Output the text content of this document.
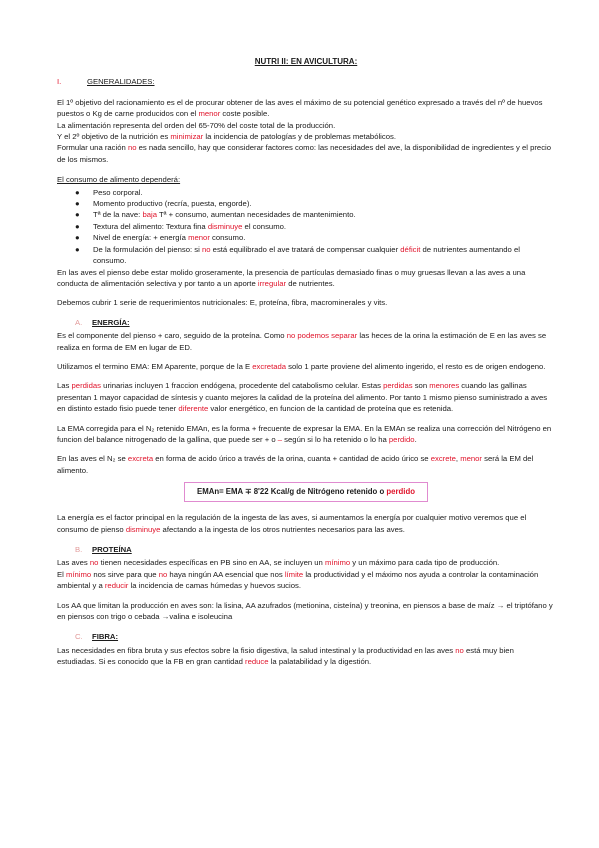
NUTRI II: EN AVICULTURA:
I.	GENERALIDADES:

El 1º objetivo del racionamiento es el de procurar obtener de las aves el máximo de su potencial genético expresado a través del nº de huevos puestos o Kg de carne producidos con el menor coste posible.

La alimentación representa del orden del 65-70% del coste total de la producción.

Y el 2º objetivo de la nutrición es minimizar la incidencia de patologías y de problemas metabólicos.

Formular una ración no es nada sencillo, hay que considerar factores como: las necesidades del ave, la disponibilidad de ingredientes y el precio de los mismos.

El consumo de alimento dependerá:
●	Peso corporal.
●	Momento productivo (recría, puesta, engorde).
●	Tª de la nave: baja Tª + consumo, aumentan necesidades de mantenimiento.
●	Textura del alimento: Textura fina disminuye el consumo.
●	Nivel de energía: + energía menor consumo.
●	De la formulación del pienso: si no está equilibrado el ave tratará de compensar cualquier déficit de nutrientes aumentando el consumo.

En las aves el pienso debe estar molido groseramente, la presencia de partículas demasiado finas o muy gruesas llevan a las aves a una conducta de alimentación selectiva y por tanto a un aporte irregular de nutrientes.

Debemos cubrir 1 serie de requerimientos nutricionales: E, proteína, fibra, macrominerales y vits.

A.	ENERGÍA:

Es el componente del pienso + caro, seguido de la proteína. Como no podemos separar las heces de la orina la estimación de E en las aves se realiza en forma de EM en lugar de ED.

Utilizamos el termino EMA: EM Aparente, porque de la E excretada solo 1 parte proviene del alimento ingerido, el resto es de origen endogeno.

Las perdidas urinarias incluyen 1 fraccion endógena, procedente del catabolismo celular. Estas perdidas son menores cuando las gallinas presentan 1 mayor capacidad de síntesis y cuanto mejores la calidad de la proteína del alimento. Por tanto 1 mismo pienso suministrado a aves en distinto estado fisio puede tener diferente valor energético, en funcion de la cantidad de proteína que es retenida.

La EMA corregida para el N₂ retenido EMAn, es la forma + frecuente de expresar la EMA. En la EMAn se realiza una corrección del Nitrógeno en funcion del balance nitrogenado de la gallina, que puede ser + o – según si lo ha retenido o lo ha perdido.

En las aves el N₂ se excreta en forma de acido úrico a través de la orina, cuanta + cantidad de acido úrico se excrete, menor será la EM del alimento.

EMAn= EMA ∓ 8'22 Kcal/g de Nitrógeno retenido o perdido

La energía es el factor principal en la regulación de la ingesta de las aves, si aumentamos la energía por cualquier motivo veremos que el consumo de pienso disminuye afectando a la ingesta de los otros nutrientes necesarios para las aves.

B.	PROTEÍNA

Las aves no tienen necesidades específicas en PB sino en AA, se incluyen un mínimo y un máximo para cada tipo de producción.

El mínimo nos sirve para que no haya ningún AA esencial que nos límite la productividad y el máximo nos ayuda a controlar la contaminación ambiental y a reducir la incidencia de camas húmedas y huevos sucios.

Los AA que limitan la producción en aves son: la lisina, AA azufrados (metionina, cisteína) y treonina, en piensos a base de maíz → el triptófano y en piensos con trigo o cebada →valina e isoleucina

C.	FIBRA:

Las necesidades en fibra bruta y sus efectos sobre la fisio digestiva, la salud intestinal y la productividad en las aves no está muy bien estudiadas. Si es conocido que la FB en gran cantidad reduce la palatabilidad y la digestión.
